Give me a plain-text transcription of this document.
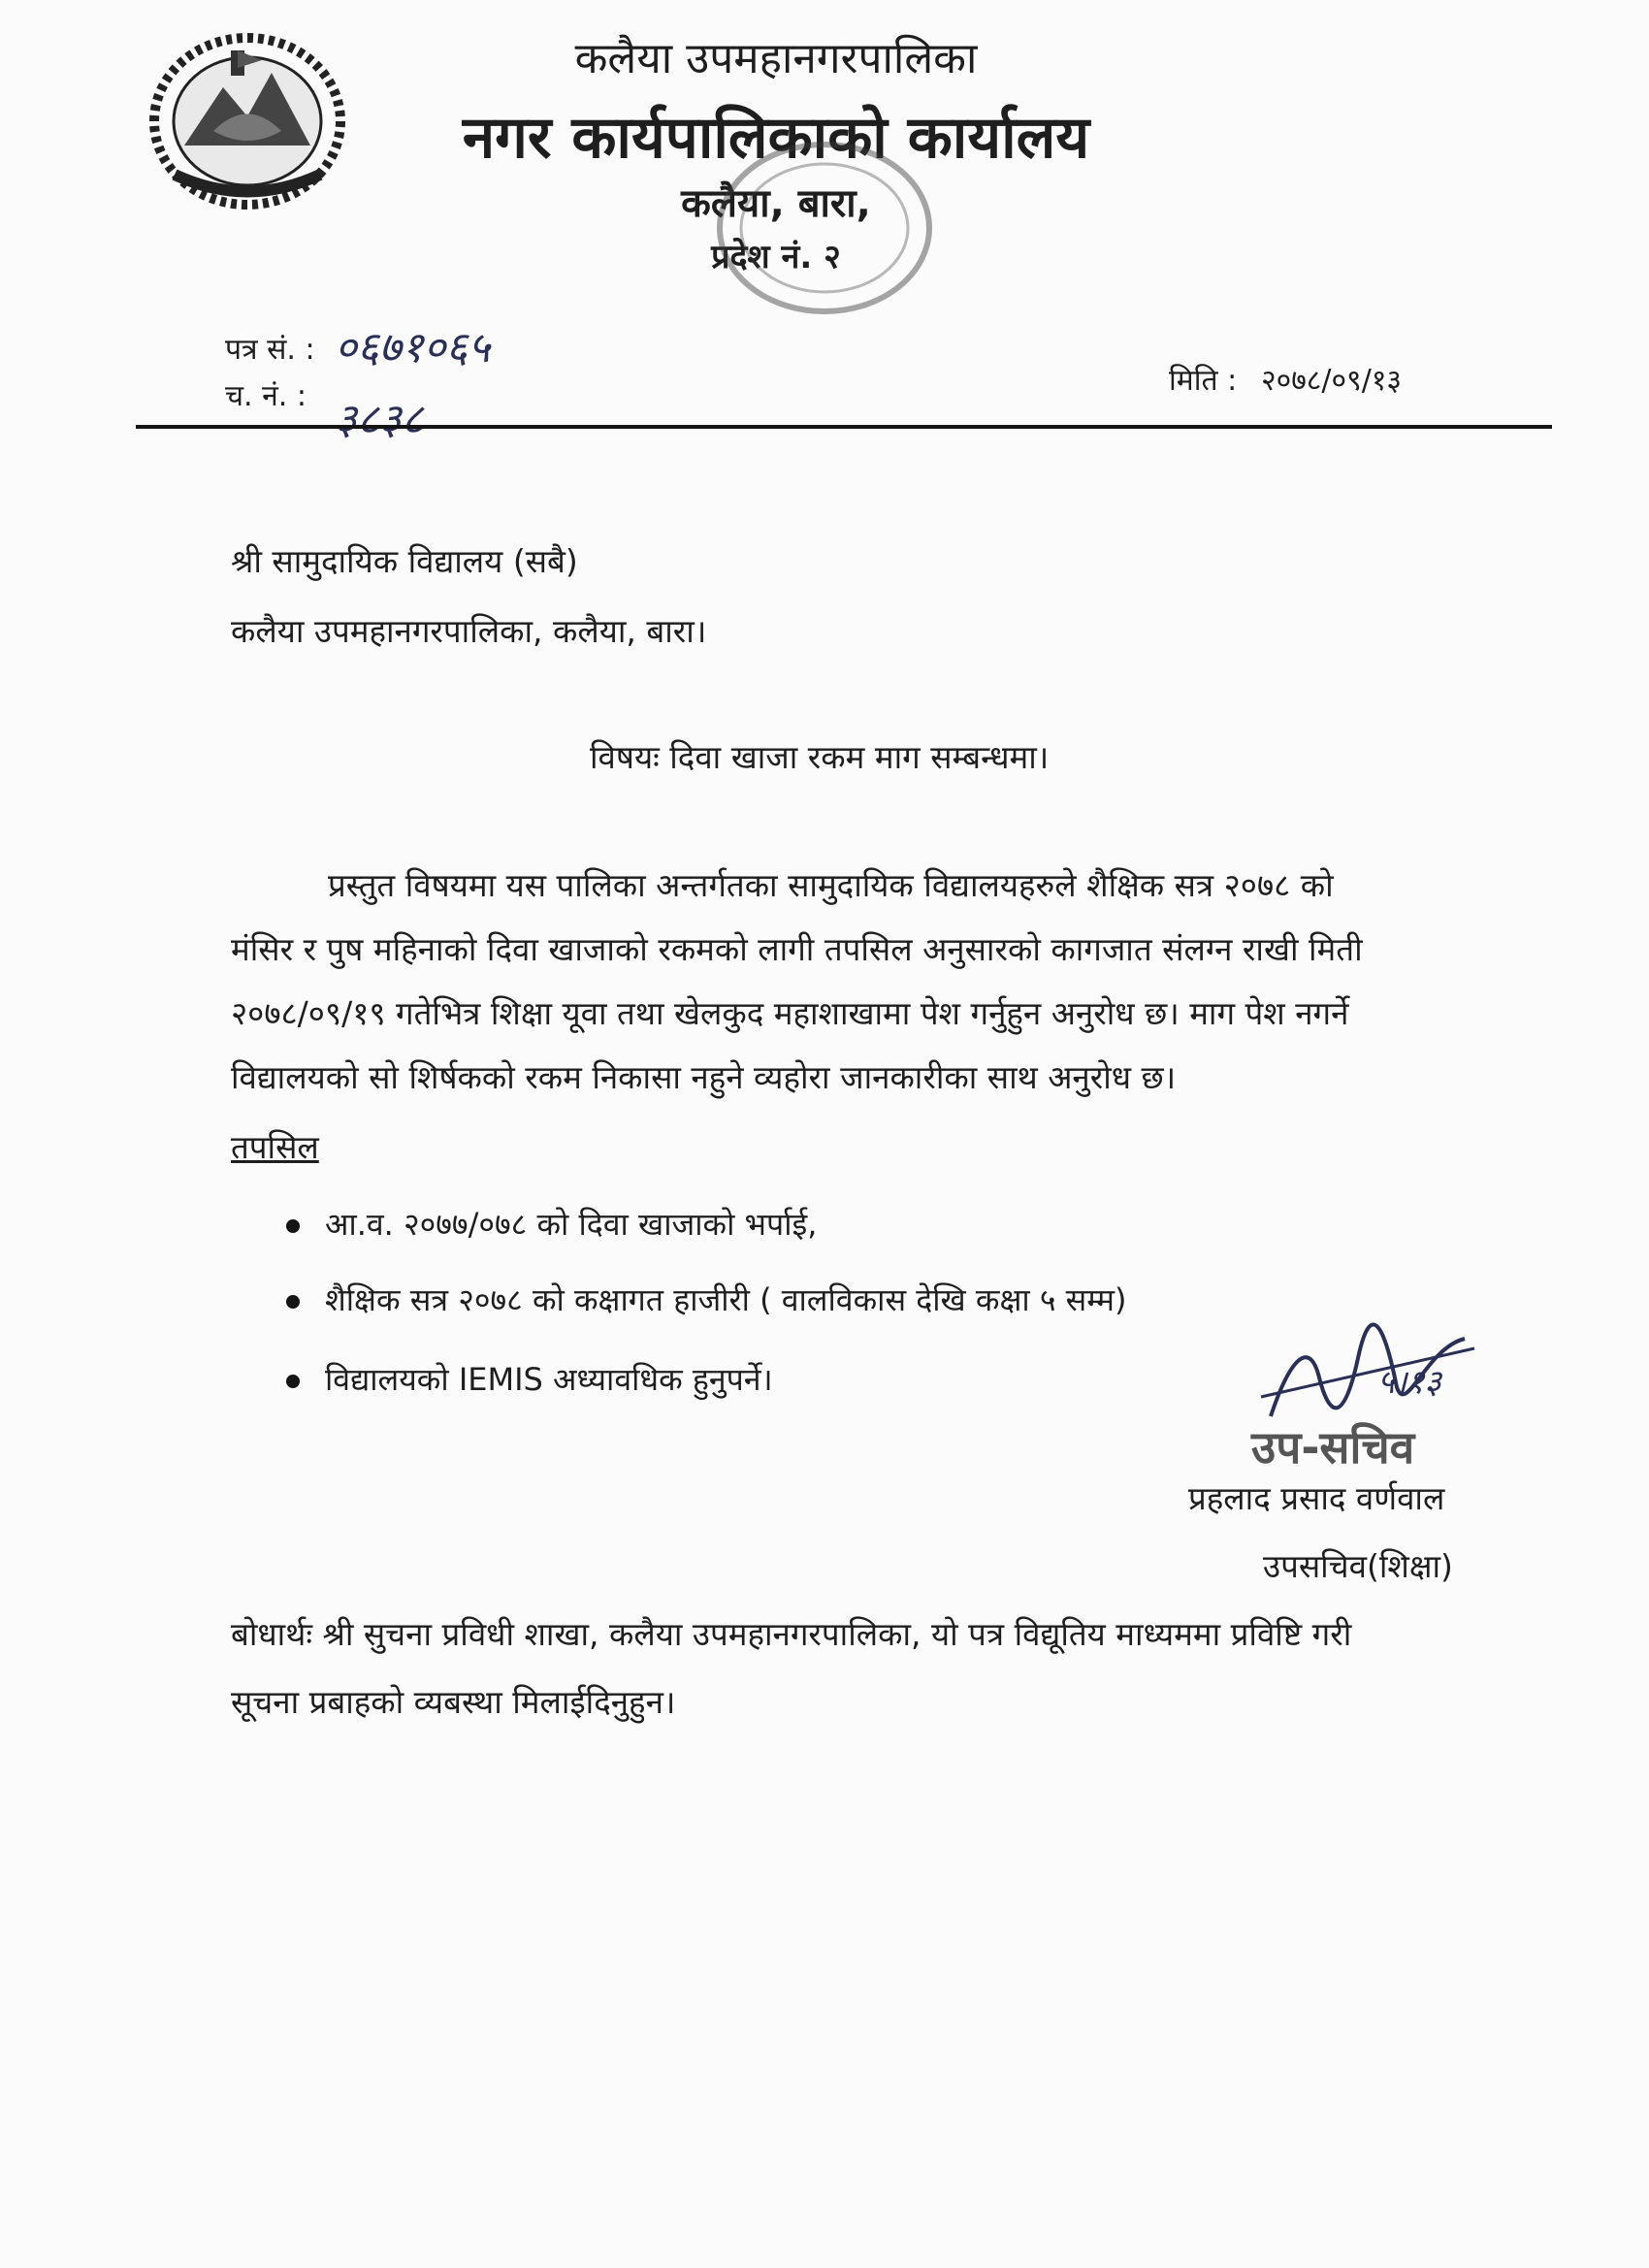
कलैया उपमहानगरपालिका
नगर कार्यपालिकाको कार्यालय
कलैया, बारा,
प्रदेश नं. २
पत्र सं. : ०६७१०६५
च. नं. : ३८३८
मिति : २०७८/०९/१३
श्री सामुदायिक विद्यालय (सबै)
कलैया उपमहानगरपालिका, कलैया, बारा।
विषयः दिवा खाजा रकम माग सम्बन्धमा।
प्रस्तुत विषयमा यस पालिका अन्तर्गतका सामुदायिक विद्यालयहरुले शैक्षिक सत्र २०७८ को
मंसिर र पुष महिनाको दिवा खाजाको रकमको लागी तपसिल अनुसारको कागजात संलग्न राखी मिती
२०७८/०९/१९ गतेभित्र शिक्षा यूवा तथा खेलकुद महाशाखामा पेश गर्नुहुन अनुरोध छ। माग पेश नगर्ने
विद्यालयको सो शिर्षकको रकम निकासा नहुने व्यहोरा जानकारीका साथ अनुरोध छ।
तपसिल
आ.व. २०७७/०७८ को दिवा खाजाको भर्पाई,
शैक्षिक सत्र २०७८ को कक्षागत हाजीरी ( वालविकास देखि कक्षा ५ सम्म)
विद्यालयको IEMIS अध्यावधिक हुनुपर्ने।	५।१३
उप-सचिव
प्रहलाद प्रसाद वर्णवाल
उपसचिव(शिक्षा)
बोधार्थः श्री सुचना प्रविधी शाखा, कलैया उपमहानगरपालिका, यो पत्र विद्यूतिय माध्यममा प्रविष्टि गरी
सूचना प्रबाहको व्यबस्था मिलाईदिनुहुन।
